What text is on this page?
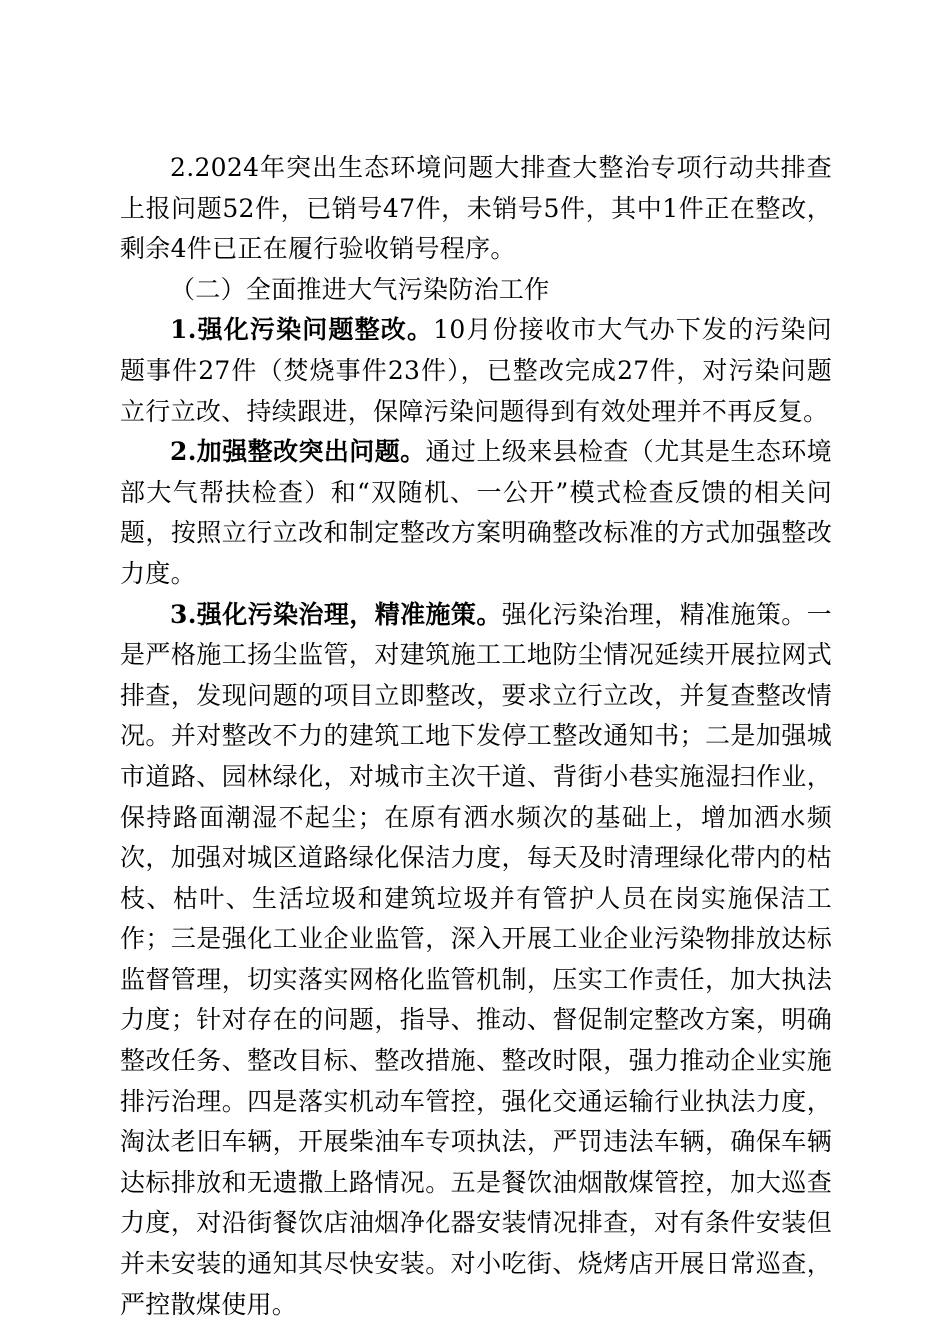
2.2024年突出生态环境问题大排查大整治专项行动共排查上报问题52件，已销号47件，未销号5件，其中1件正在整改，剩余4件已正在履行验收销号程序。

（二）全面推进大气污染防治工作

1.强化污染问题整改。10月份接收市大气办下发的污染问题事件27件（焚烧事件23件），已整改完成27件，对污染问题立行立改、持续跟进，保障污染问题得到有效处理并不再反复。

2.加强整改突出问题。通过上级来县检查（尤其是生态环境部大气帮扶检查）和“双随机、一公开”模式检查反馈的相关问题，按照立行立改和制定整改方案明确整改标准的方式加强整改力度。

3.强化污染治理，精准施策。强化污染治理，精准施策。一是严格施工扬尘监管，对建筑施工工地防尘情况延续开展拉网式排查，发现问题的项目立即整改，要求立行立改，并复查整改情况。并对整改不力的建筑工地下发停工整改通知书；二是加强城市道路、园林绿化，对城市主次干道、背街小巷实施湿扫作业，保持路面潮湿不起尘；在原有洒水频次的基础上，增加洒水频次，加强对城区道路绿化保洁力度，每天及时清理绿化带内的枯枝、枯叶、生活垃圾和建筑垃圾并有管护人员在岗实施保洁工作；三是强化工业企业监管，深入开展工业企业污染物排放达标监督管理，切实落实网格化监管机制，压实工作责任，加大执法力度；针对存在的问题，指导、推动、督促制定整改方案，明确整改任务、整改目标、整改措施、整改时限，强力推动企业实施排污治理。四是落实机动车管控，强化交通运输行业执法力度，淘汰老旧车辆，开展柴油车专项执法，严罚违法车辆，确保车辆达标排放和无遗撒上路情况。五是餐饮油烟散煤管控，加大巡查力度，对沿街餐饮店油烟净化器安装情况排查，对有条件安装但并未安装的通知其尽快安装。对小吃街、烧烤店开展日常巡查，严控散煤使用。
